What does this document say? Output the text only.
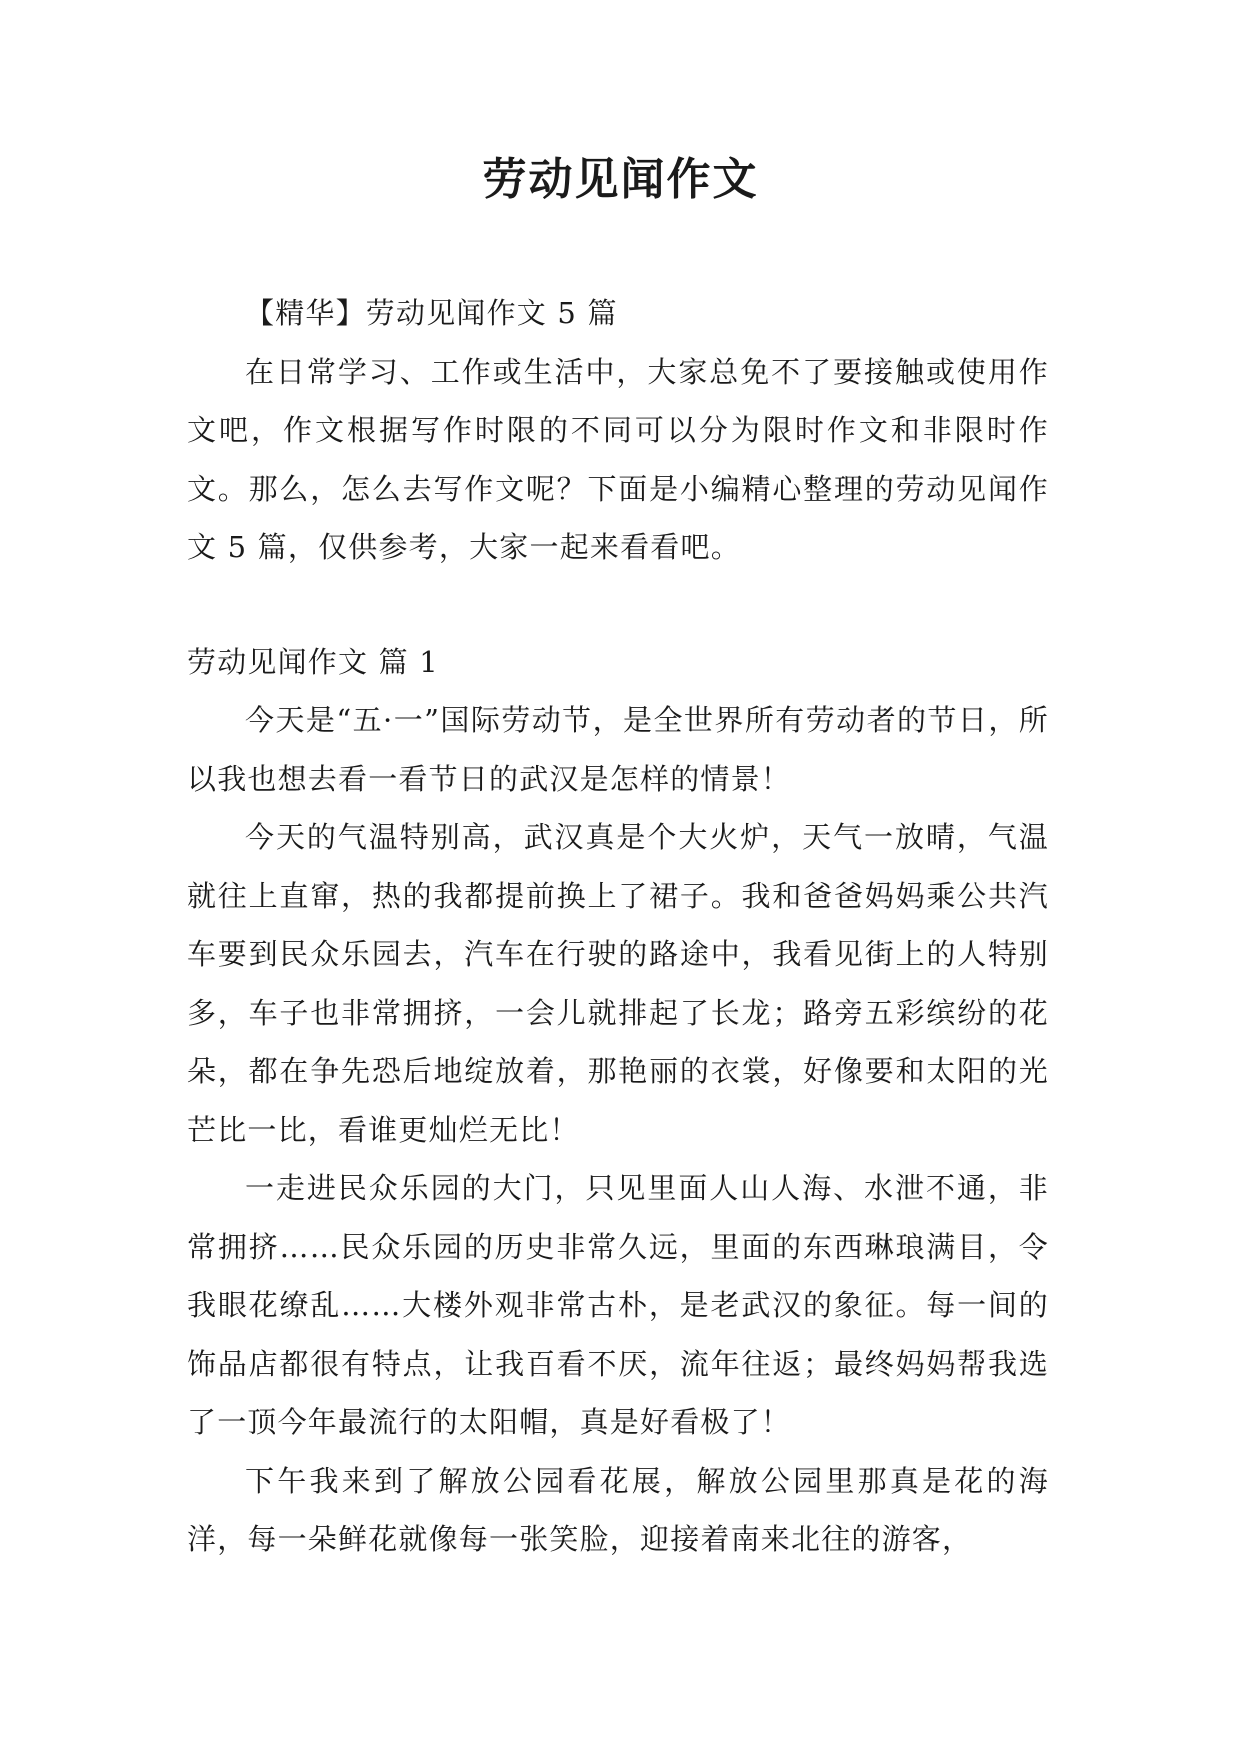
劳动见闻作文

【精华】劳动见闻作文 5 篇

在日常学习、工作或生活中，大家总免不了要接触或使用作文吧，作文根据写作时限的不同可以分为限时作文和非限时作文。那么，怎么去写作文呢？下面是小编精心整理的劳动见闻作文 5 篇，仅供参考，大家一起来看看吧。

劳动见闻作文 篇 1

今天是“五·一”国际劳动节，是全世界所有劳动者的节日，所以我也想去看一看节日的武汉是怎样的情景！

今天的气温特别高，武汉真是个大火炉，天气一放晴，气温就往上直窜，热的我都提前换上了裙子。我和爸爸妈妈乘公共汽车要到民众乐园去，汽车在行驶的路途中，我看见街上的人特别多，车子也非常拥挤，一会儿就排起了长龙；路旁五彩缤纷的花朵，都在争先恐后地绽放着，那艳丽的衣裳，好像要和太阳的光芒比一比，看谁更灿烂无比！

一走进民众乐园的大门，只见里面人山人海、水泄不通，非常拥挤……民众乐园的历史非常久远，里面的东西琳琅满目，令我眼花缭乱……大楼外观非常古朴，是老武汉的象征。每一间的饰品店都很有特点，让我百看不厌，流年往返；最终妈妈帮我选了一顶今年最流行的太阳帽，真是好看极了！

下午我来到了解放公园看花展，解放公园里那真是花的海洋，每一朵鲜花就像每一张笑脸，迎接着南来北往的游客，
